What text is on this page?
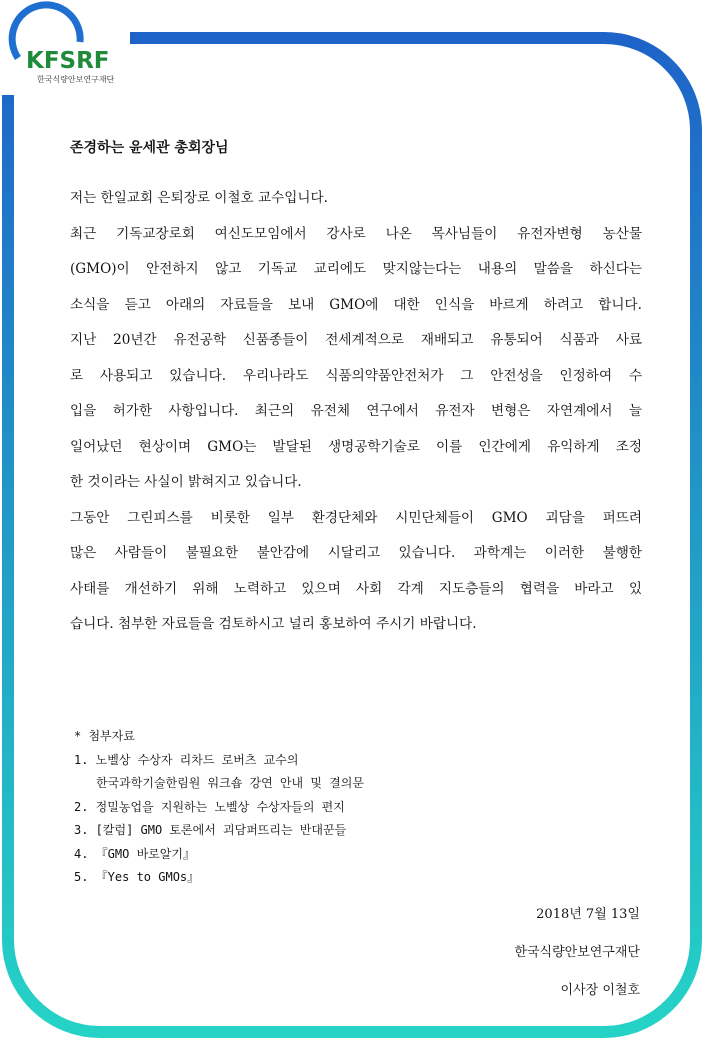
KFSRF
한국식량안보연구재단
존경하는 윤세관 총회장님
저는 한일교회 은퇴장로 이철호 교수입니다.
최근 기독교장로회 여신도모임에서 강사로 나온 목사님들이 유전자변형 농산물
(GMO)이 안전하지 않고 기독교 교리에도 맞지않는다는 내용의 말씀을 하신다는
소식을 듣고 아래의 자료들을 보내 GMO에 대한 인식을 바르게 하려고 합니다.
지난 20년간 유전공학 신품종들이 전세계적으로 재배되고 유통되어 식품과 사료
로 사용되고 있습니다. 우리나라도 식품의약품안전처가 그 안전성을 인정하여 수
입을 허가한 사항입니다. 최근의 유전체 연구에서 유전자 변형은 자연계에서 늘
일어났던 현상이며 GMO는 발달된 생명공학기술로 이를 인간에게 유익하게 조정
한 것이라는 사실이 밝혀지고 있습니다.
그동안 그린피스를 비롯한 일부 환경단체와 시민단체들이 GMO 괴담을 퍼뜨려
많은 사람들이 불필요한 불안감에 시달리고 있습니다. 과학계는 이러한 불행한
사태를 개선하기 위해 노력하고 있으며 사회 각계 지도층들의 협력을 바라고 있
습니다. 첨부한 자료들을 검토하시고 널리 홍보하여 주시기 바랍니다.
* 첨부자료
1. 노벨상 수상자 리차드 로버츠 교수의
한국과학기술한림원 워크숍 강연 안내 및 결의문
2. 정밀농업을 지원하는 노벨상 수상자들의 편지
3. [칼럼] GMO 토론에서 괴담퍼뜨리는 반대꾼들
4. 『GMO 바로알기』
5. 『Yes to GMOs』
2018년 7월 13일
한국식량안보연구재단
이사장 이철호
